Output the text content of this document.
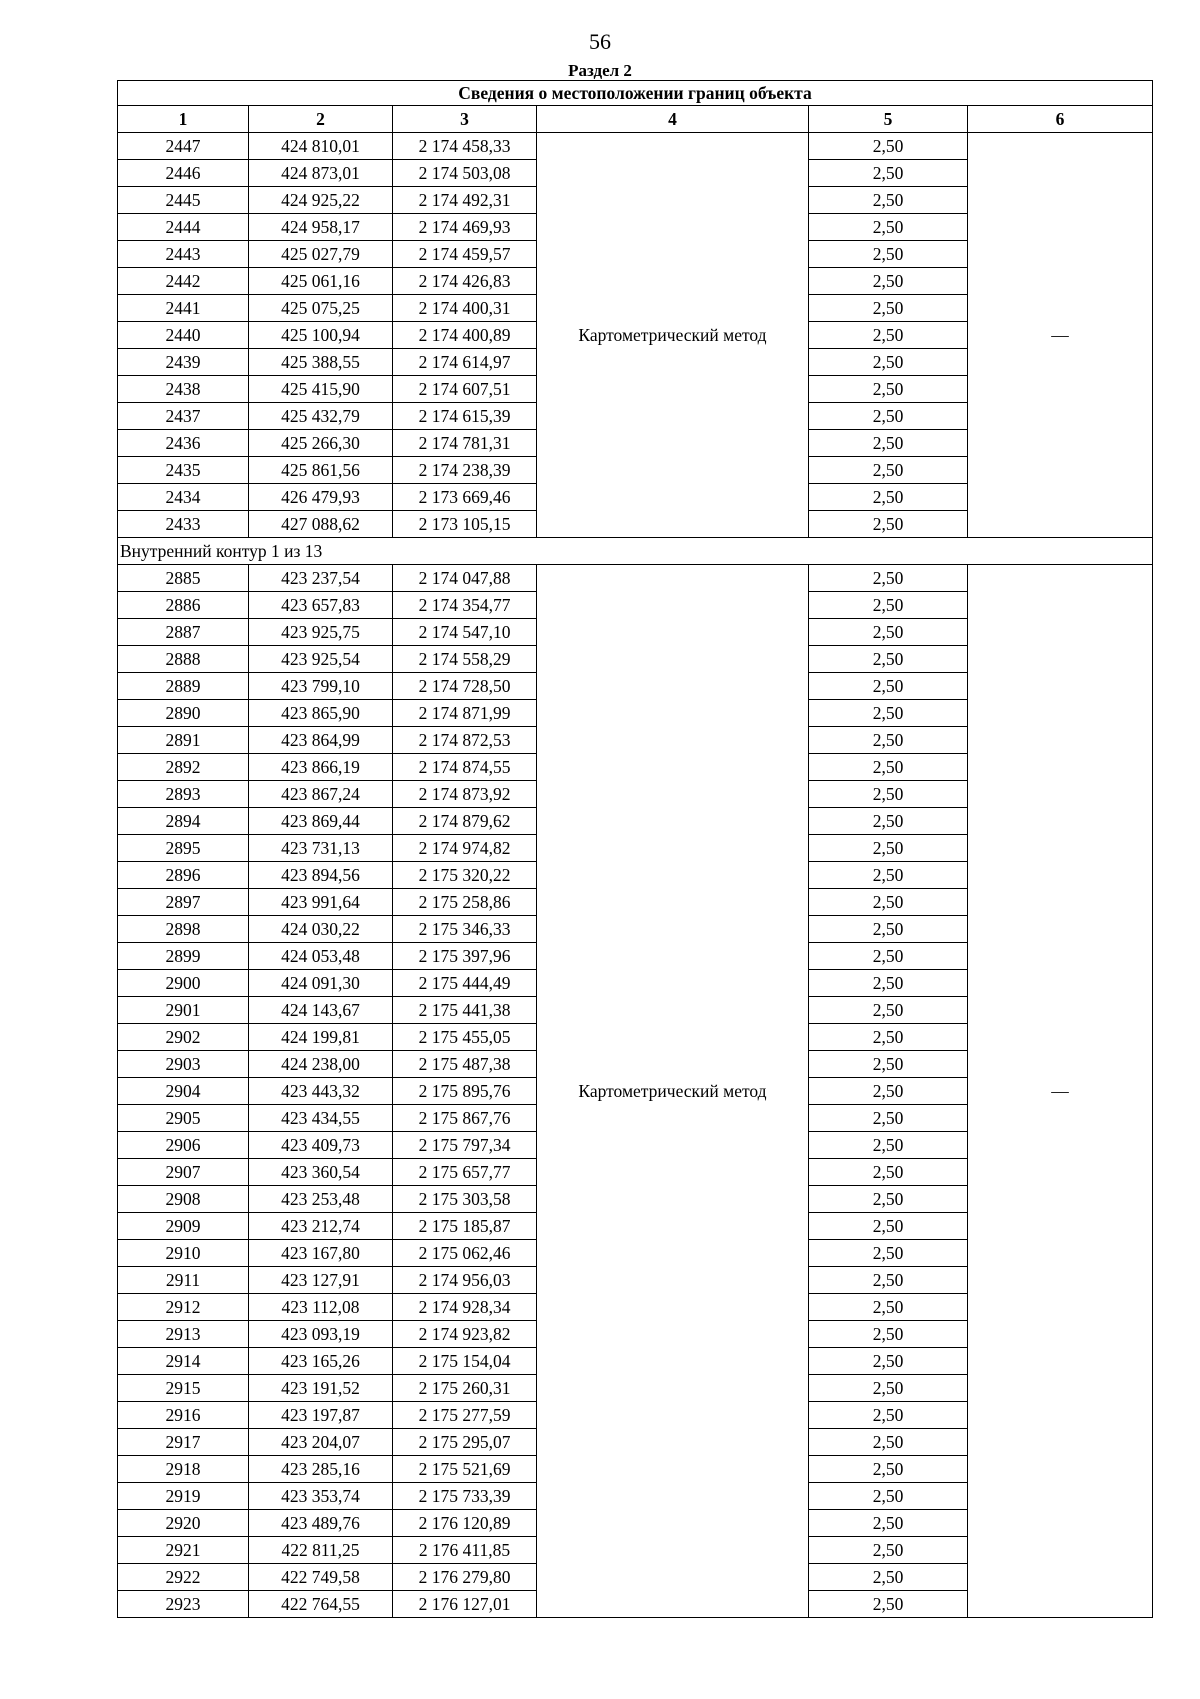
56
Раздел 2
Сведения о местоположении границ объекта					
1	2	3	4	5	6
2447	424 810,01	2 174 458,33	Картометрический метод	2,50	—
2446	424 873,01	2 174 503,08		2,50	
2445	424 925,22	2 174 492,31		2,50	
2444	424 958,17	2 174 469,93		2,50	
2443	425 027,79	2 174 459,57		2,50	
2442	425 061,16	2 174 426,83		2,50	
2441	425 075,25	2 174 400,31		2,50	
2440	425 100,94	2 174 400,89		2,50	
2439	425 388,55	2 174 614,97		2,50	
2438	425 415,90	2 174 607,51		2,50	
2437	425 432,79	2 174 615,39		2,50	
2436	425 266,30	2 174 781,31		2,50	
2435	425 861,56	2 174 238,39		2,50	
2434	426 479,93	2 173 669,46		2,50	
2433	427 088,62	2 173 105,15		2,50	
Внутренний контур 1 из 13					
2885	423 237,54	2 174 047,88	Картометрический метод	2,50	—
2886	423 657,83	2 174 354,77		2,50	
2887	423 925,75	2 174 547,10		2,50	
2888	423 925,54	2 174 558,29		2,50	
2889	423 799,10	2 174 728,50		2,50	
2890	423 865,90	2 174 871,99		2,50	
2891	423 864,99	2 174 872,53		2,50	
2892	423 866,19	2 174 874,55		2,50	
2893	423 867,24	2 174 873,92		2,50	
2894	423 869,44	2 174 879,62		2,50	
2895	423 731,13	2 174 974,82		2,50	
2896	423 894,56	2 175 320,22		2,50	
2897	423 991,64	2 175 258,86		2,50	
2898	424 030,22	2 175 346,33		2,50	
2899	424 053,48	2 175 397,96		2,50	
2900	424 091,30	2 175 444,49		2,50	
2901	424 143,67	2 175 441,38		2,50	
2902	424 199,81	2 175 455,05		2,50	
2903	424 238,00	2 175 487,38		2,50	
2904	423 443,32	2 175 895,76		2,50	
2905	423 434,55	2 175 867,76		2,50	
2906	423 409,73	2 175 797,34		2,50	
2907	423 360,54	2 175 657,77		2,50	
2908	423 253,48	2 175 303,58		2,50	
2909	423 212,74	2 175 185,87		2,50	
2910	423 167,80	2 175 062,46		2,50	
2911	423 127,91	2 174 956,03		2,50	
2912	423 112,08	2 174 928,34		2,50	
2913	423 093,19	2 174 923,82		2,50	
2914	423 165,26	2 175 154,04		2,50	
2915	423 191,52	2 175 260,31		2,50	
2916	423 197,87	2 175 277,59		2,50	
2917	423 204,07	2 175 295,07		2,50	
2918	423 285,16	2 175 521,69		2,50	
2919	423 353,74	2 175 733,39		2,50	
2920	423 489,76	2 176 120,89		2,50	
2921	422 811,25	2 176 411,85		2,50	
2922	422 749,58	2 176 279,80		2,50	
2923	422 764,55	2 176 127,01		2,50	
